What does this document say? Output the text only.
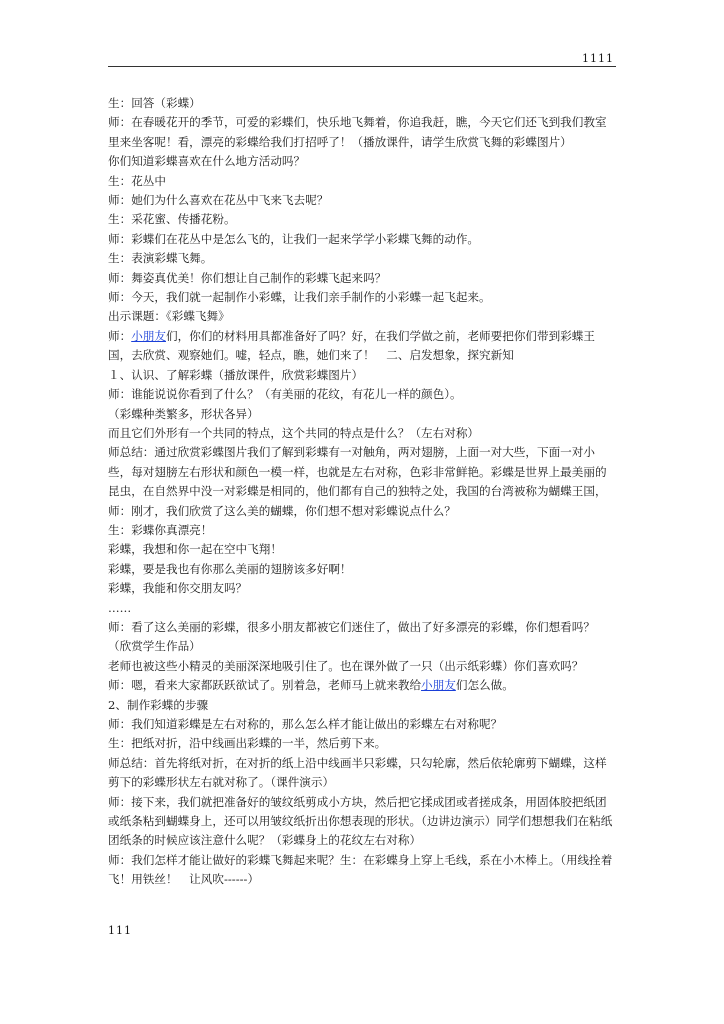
1111

生：回答（彩蝶）

师：在春暖花开的季节，可爱的彩蝶们，快乐地飞舞着，你追我赶，瞧，今天它们还飞到我们教室里来坐客呢！看，漂亮的彩蝶给我们打招呼了！（播放课件，请学生欣赏飞舞的彩蝶图片）

你们知道彩蝶喜欢在什么地方活动吗？

生：花丛中

师：她们为什么喜欢在花丛中飞来飞去呢？

生：采花蜜、传播花粉。

师：彩蝶们在花丛中是怎么飞的，让我们一起来学学小彩蝶飞舞的动作。

生：表演彩蝶飞舞。

师：舞姿真优美！你们想让自己制作的彩蝶飞起来吗？

师：今天，我们就一起制作小彩蝶，让我们亲手制作的小彩蝶一起飞起来。

出示课题：《彩蝶飞舞》

师：小朋友们，你们的材料用具都准备好了吗？好，在我们学做之前，老师要把你们带到彩蝶王国，去欣赏、观察她们。嘘，轻点，瞧，她们来了！　二、启发想象，探究新知

１、认识、了解彩蝶（播放课件，欣赏彩蝶图片）

师：谁能说说你看到了什么？（有美丽的花纹，有花儿一样的颜色）。

（彩蝶种类繁多，形状各异）

而且它们外形有一个共同的特点，这个共同的特点是什么？（左右对称）

师总结：通过欣赏彩蝶图片我们了解到彩蝶有一对触角，两对翅膀，上面一对大些，下面一对小些，每对翅膀左右形状和颜色一模一样，也就是左右对称，色彩非常鲜艳。彩蝶是世界上最美丽的昆虫，在自然界中没一对彩蝶是相同的，他们都有自己的独特之处，我国的台湾被称为蝴蝶王国，

师：刚才，我们欣赏了这么美的蝴蝶，你们想不想对彩蝶说点什么？

生：彩蝶你真漂亮！

彩蝶，我想和你一起在空中飞翔！

彩蝶，要是我也有你那么美丽的翅膀该多好啊！

彩蝶，我能和你交朋友吗？

……

师：看了这么美丽的彩蝶，很多小朋友都被它们迷住了，做出了好多漂亮的彩蝶，你们想看吗？（欣赏学生作品）

老师也被这些小精灵的美丽深深地吸引住了。也在课外做了一只（出示纸彩蝶）你们喜欢吗？

师：嗯，看来大家都跃跃欲试了。别着急，老师马上就来教给小朋友们怎么做。

2、制作彩蝶的步骤

师：我们知道彩蝶是左右对称的，那么怎么样才能让做出的彩蝶左右对称呢？

生：把纸对折，沿中线画出彩蝶的一半，然后剪下来。

师总结：首先将纸对折，在对折的纸上沿中线画半只彩蝶，只勾轮廓，然后依轮廓剪下蝴蝶，这样剪下的彩蝶形状左右就对称了。（课件演示）

师：接下来，我们就把准备好的皱纹纸剪成小方块，然后把它揉成团或者搓成条，用固体胶把纸团或纸条粘到蝴蝶身上，还可以用皱纹纸折出你想表现的形状。（边讲边演示）同学们想想我们在粘纸团纸条的时候应该注意什么呢？（彩蝶身上的花纹左右对称）

师：我们怎样才能让做好的彩蝶飞舞起来呢？生：在彩蝶身上穿上毛线，系在小木棒上。（用线拴着飞！用铁丝！　让风吹------）

111
